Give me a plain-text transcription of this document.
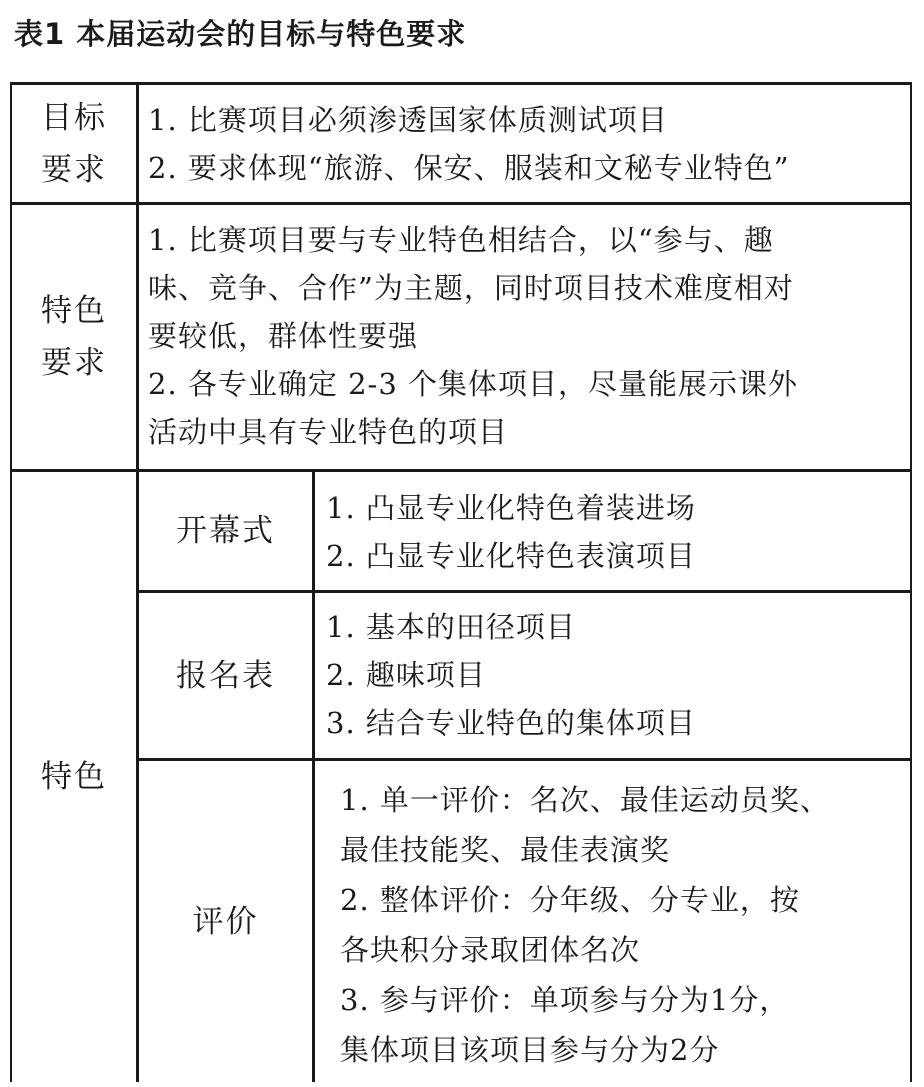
表1 本届运动会的目标与特色要求
目标
要求
1. 比赛项目必须渗透国家体质测试项目
2. 要求体现“旅游、保安、服装和文秘专业特色”
特色
要求
1. 比赛项目要与专业特色相结合，以“参与、趣
味、竞争、合作”为主题，同时项目技术难度相对
要较低，群体性要强
2. 各专业确定 2-3 个集体项目，尽量能展示课外
活动中具有专业特色的项目
特色
开幕式
1. 凸显专业化特色着装进场
2. 凸显专业化特色表演项目
报名表
1. 基本的田径项目
2. 趣味项目
3. 结合专业特色的集体项目
评价
1. 单一评价：名次、最佳运动员奖、
最佳技能奖、最佳表演奖
2. 整体评价：分年级、分专业，按
各块积分录取团体名次
3. 参与评价：单项参与分为1分，
集体项目该项目参与分为2分
